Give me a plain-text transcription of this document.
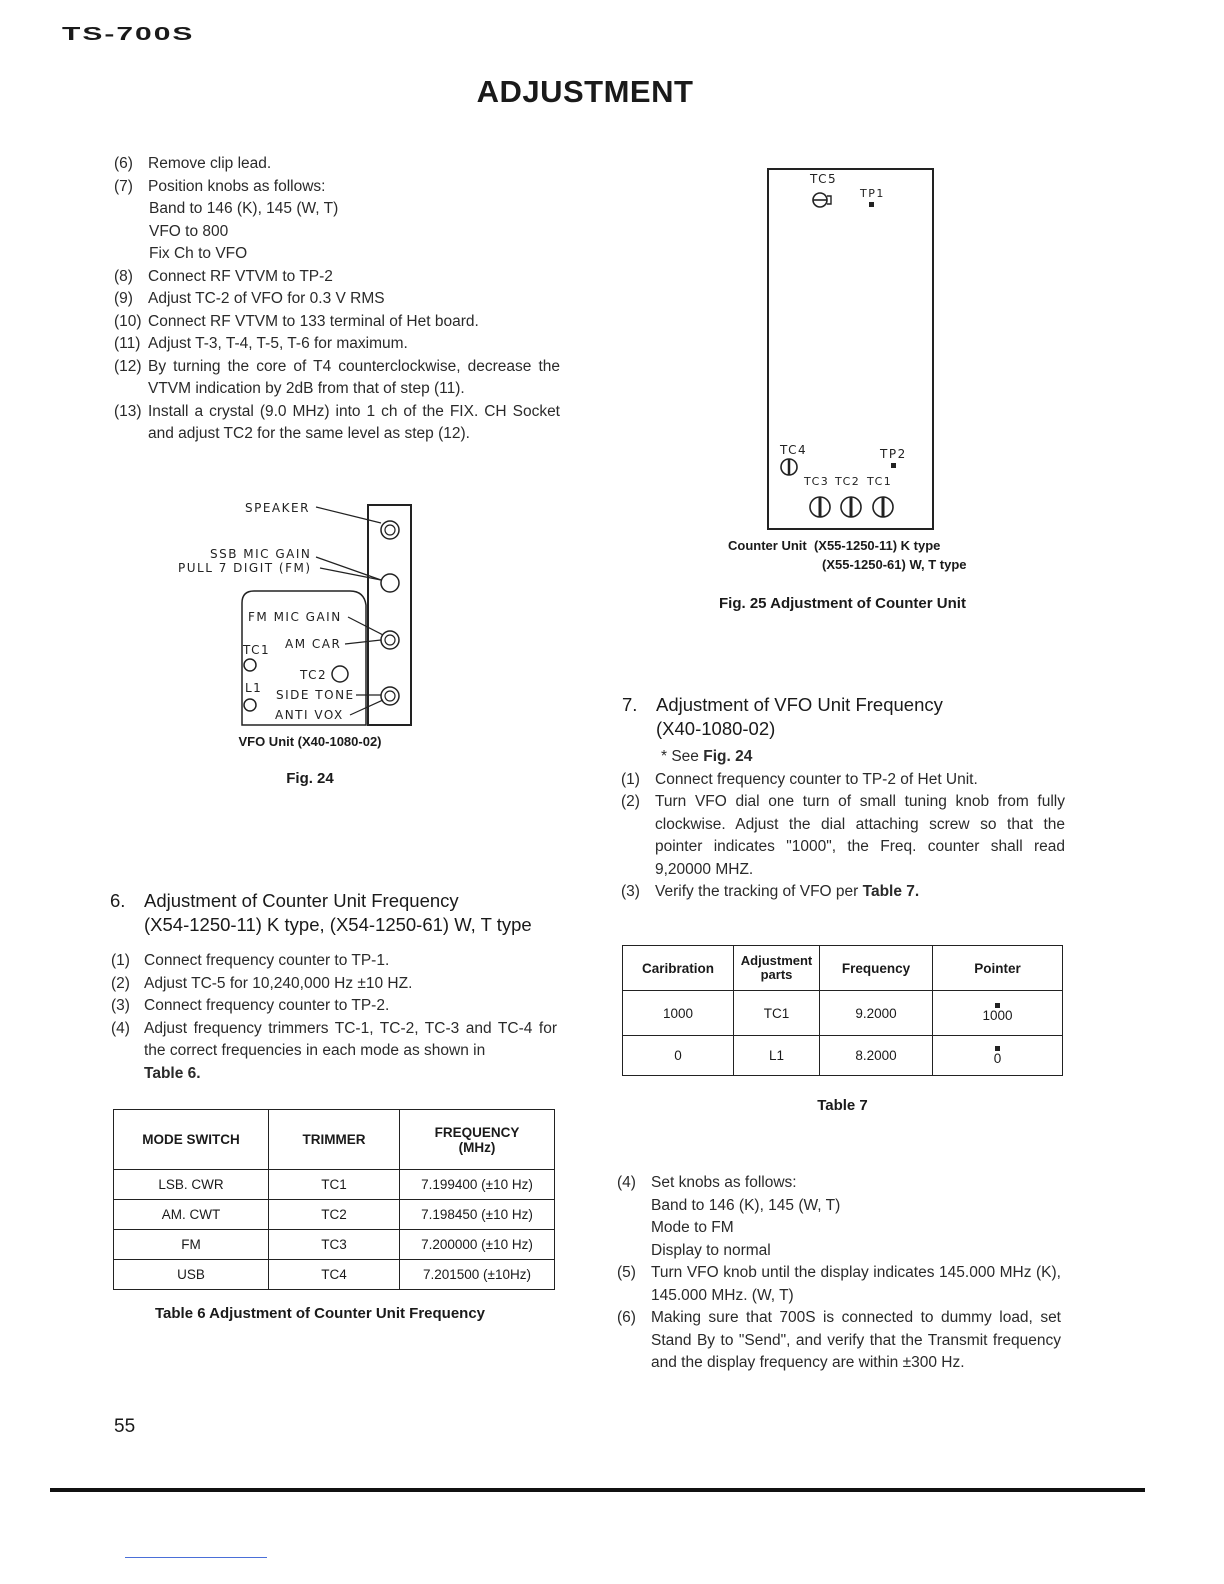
TS-700S
ADJUSTMENT
(6) Remove clip lead.
(7) Position knobs as follows:
Band to 146 (K), 145 (W, T)
VFO to 800
Fix Ch to VFO
(8) Connect RF VTVM to TP-2
(9) Adjust TC-2 of VFO for 0.3 V RMS
(10) Connect RF VTVM to 133 terminal of Het board.
(11) Adjust T-3, T-4, T-5, T-6 for maximum.
(12) By turning the core of T4 counterclockwise, decrease the VTVM indication by 2dB from that of step (11).
(13) Install a crystal (9.0 MHz) into 1 ch of the FIX. CH Socket and adjust TC2 for the same level as step (12).
SPEAKER
SSB MIC GAIN
PULL 7 DIGIT (FM)
FM MIC GAIN
TC1 AM CAR
TC2
L1 SIDE TONE
ANTI VOX
VFO Unit (X40-1080-02)
Fig. 24
TC5
TP1
TC4	TP2
TC3 TC2 TC1
Counter Unit (X55-1250-11) K type
(X55-1250-61) W, T type
Fig. 25 Adjustment of Counter Unit
6. Adjustment of Counter Unit Frequency
(X54-1250-11) K type, (X54-1250-61) W, T type
(1) Connect frequency counter to TP-1.
(2) Adjust TC-5 for 10,240,000 Hz ±10 HZ.
(3) Connect frequency counter to TP-2.
(4) Adjust frequency trimmers TC-1, TC-2, TC-3 and TC-4 for the correct frequencies in each mode as shown in
Table 6.
MODE SWITCH	TRIMMER	FREQUENCY
(MHz)

LSB. CWR	TC1	7.199400 (±10 Hz)
AM. CWT	TC2	7.198450 (±10 Hz)
FM	TC3	7.200000 (±10 Hz)
USB	TC4	7.201500 (±10Hz)
Table 6 Adjustment of Counter Unit Frequency
7. Adjustment of VFO Unit Frequency
(X40-1080-02)
* See
Fig. 24
(1) Connect frequency counter to TP-2 of Het Unit.
(2) Turn VFO dial one turn of small tuning knob from fully clockwise. Adjust the dial attaching screw so that the pointer indicates "1000", the Freq. counter shall read 9,20000 MHZ.
(3) Verify the tracking of VFO per Table 7.
Caribration	Adjustment parts	Frequency	Pointer
1000	TC1	9.2000	1000
0	L1	8.2000	0
Table 7
(4) Set knobs as follows:
Band to 146 (K), 145 (W, T)
Mode to FM
Display to normal
(5) Turn VFO knob until the display indicates 145.000 MHz (K), 145.000 MHz. (W, T)
(6) Making sure that 700S is connected to dummy load, set Stand By to "Send", and verify that the Transmit frequency and the display frequency are within ±300 Hz.
55
